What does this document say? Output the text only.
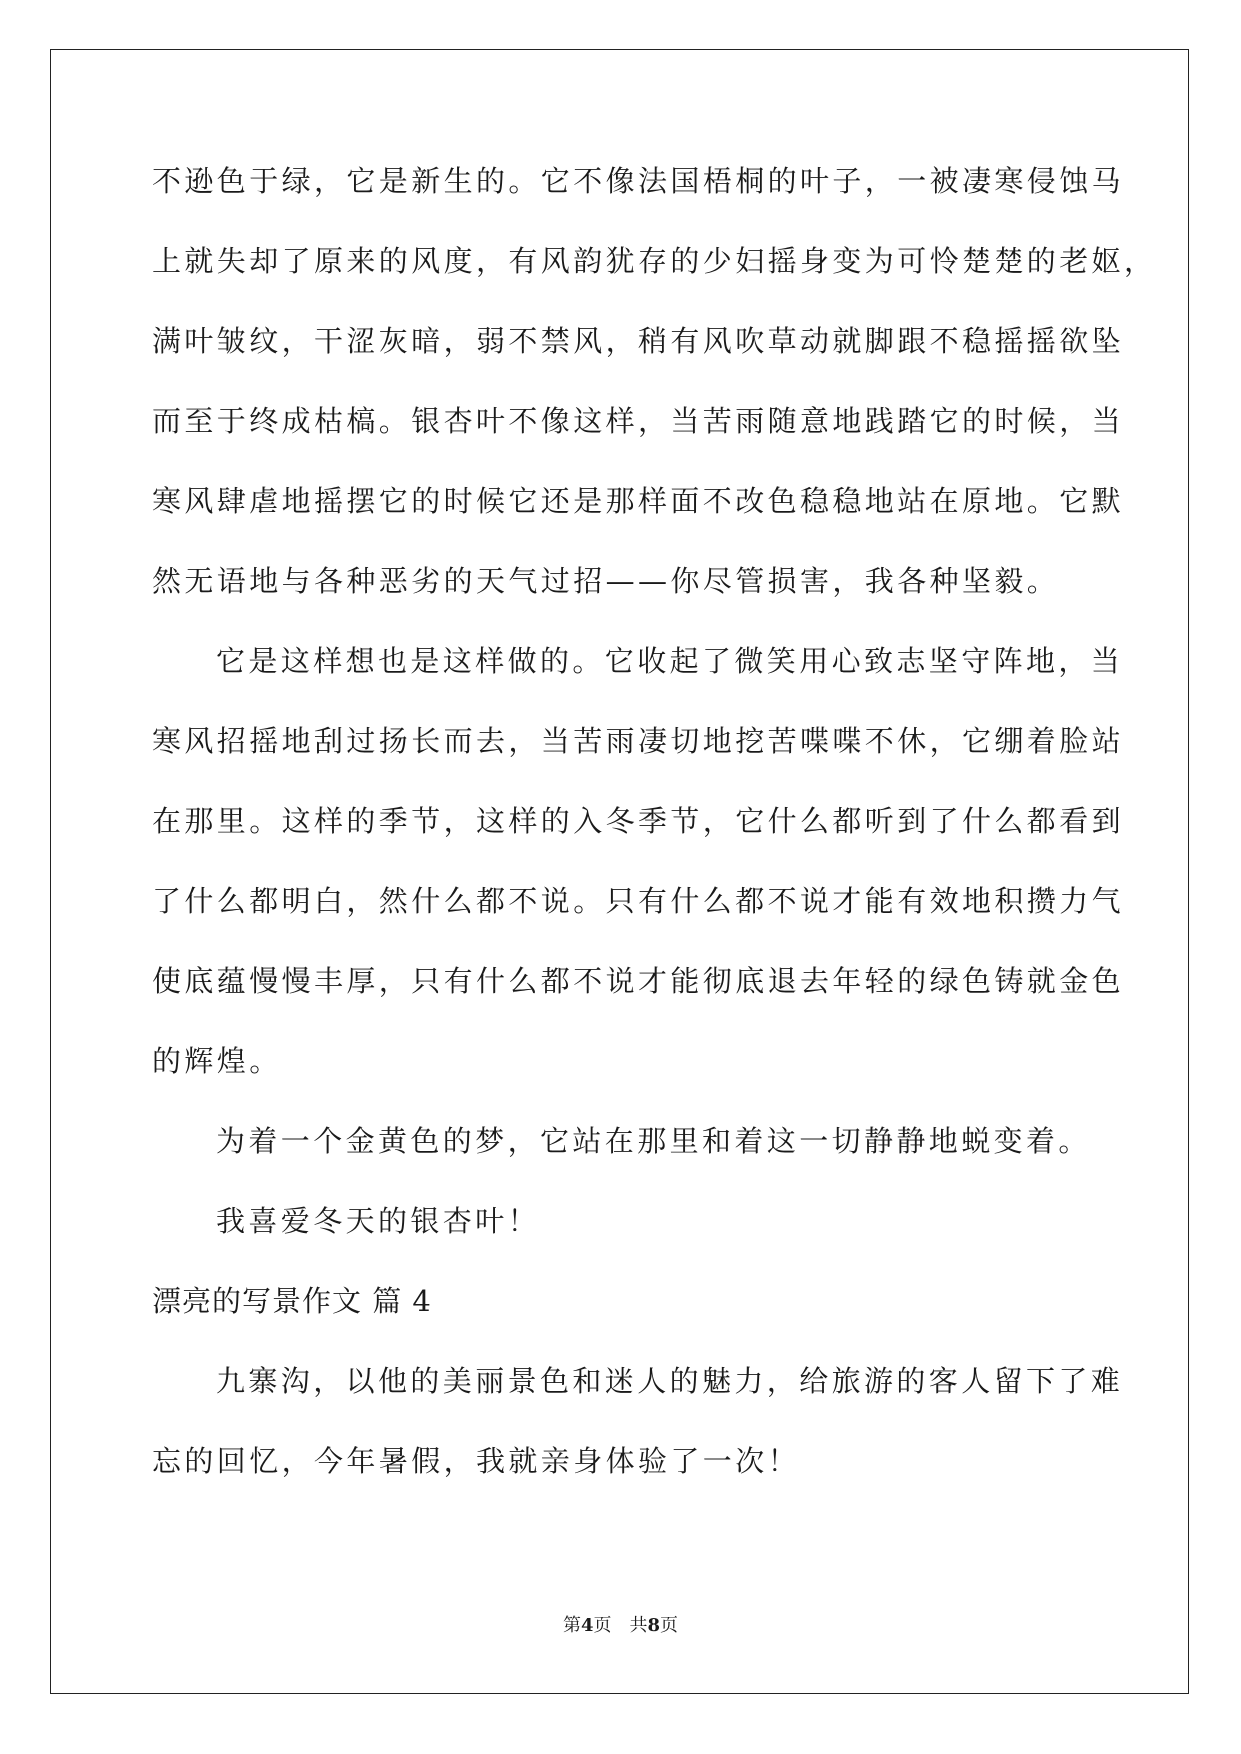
不逊色于绿，它是新生的。它不像法国梧桐的叶子，一被凄寒侵蚀马
上就失却了原来的风度，有风韵犹存的少妇摇身变为可怜楚楚的老妪，
满叶皱纹，干涩灰暗，弱不禁风，稍有风吹草动就脚跟不稳摇摇欲坠
而至于终成枯槁。银杏叶不像这样，当苦雨随意地践踏它的时候，当
寒风肆虐地摇摆它的时候它还是那样面不改色稳稳地站在原地。它默
然无语地与各种恶劣的天气过招——你尽管损害，我各种坚毅。
它是这样想也是这样做的。它收起了微笑用心致志坚守阵地，当
寒风招摇地刮过扬长而去，当苦雨凄切地挖苦喋喋不休，它绷着脸站
在那里。这样的季节，这样的入冬季节，它什么都听到了什么都看到
了什么都明白，然什么都不说。只有什么都不说才能有效地积攒力气
使底蕴慢慢丰厚，只有什么都不说才能彻底退去年轻的绿色铸就金色
的辉煌。
为着一个金黄色的梦，它站在那里和着这一切静静地蜕变着。
我喜爱冬天的银杏叶！
漂亮的写景作文 篇 4
九寨沟，以他的美丽景色和迷人的魅力，给旅游的客人留下了难
忘的回忆，今年暑假，我就亲身体验了一次！
第4页 共8页
